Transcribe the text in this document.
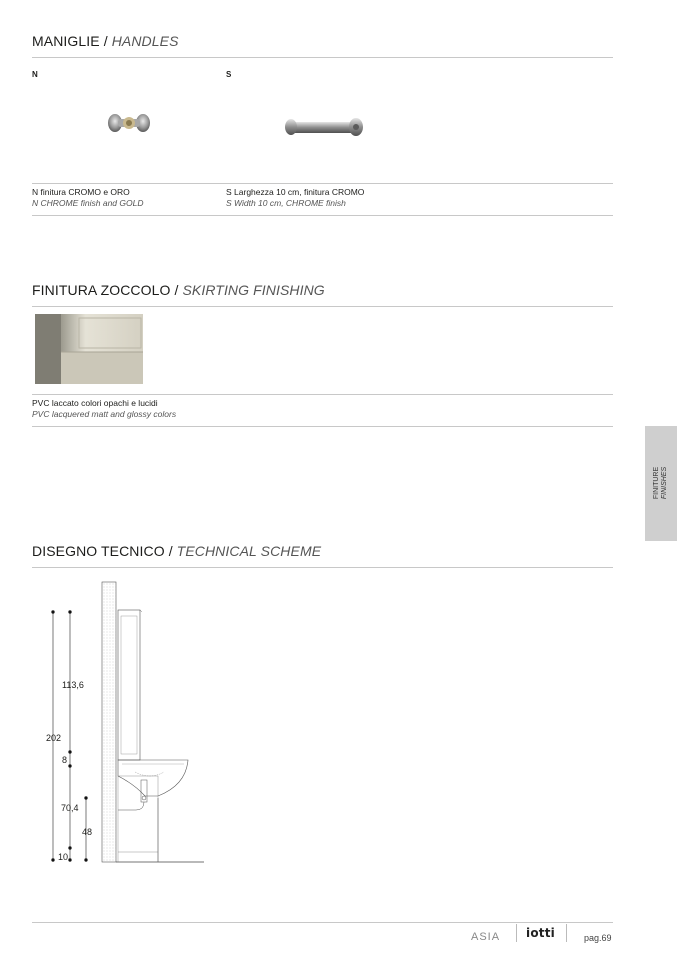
MANIGLIE / HANDLES
N	S
N finitura CROMO e ORO
N CHROME finish and GOLD
S Larghezza 10 cm, finitura CROMO
S Width 10 cm, CHROME finish
FINITURA ZOCCOLO / SKIRTING FINISHING
PVC laccato colori opachi e lucidi
PVC lacquered matt and glossy colors
FINITURE FINISHES
DISEGNO TECNICO / TECHNICAL SCHEME
113,6
202
8
70,4
48
10
ASIA iotti	pag.69
